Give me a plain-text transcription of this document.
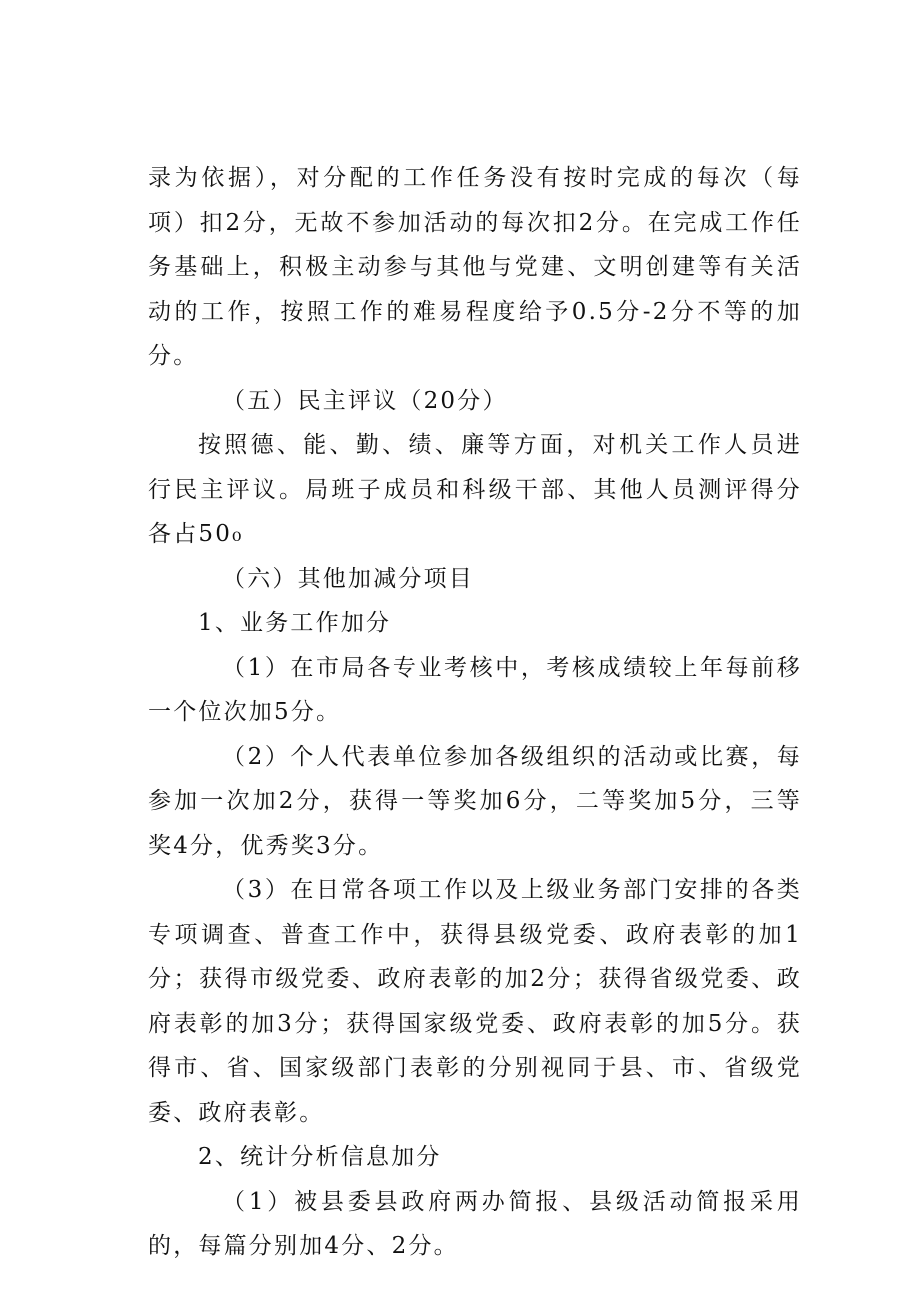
录为依据），对分配的工作任务没有按时完成的每次（每项）扣2分，无故不参加活动的每次扣2分。在完成工作任务基础上，积极主动参与其他与党建、文明创建等有关活动的工作，按照工作的难易程度给予0.5分-2分不等的加分。

（五）民主评议（20分）

按照德、能、勤、绩、廉等方面，对机关工作人员进行民主评议。局班子成员和科级干部、其他人员测评得分各占50₀

（六）其他加减分项目

1、业务工作加分

（1）在市局各专业考核中，考核成绩较上年每前移一个位次加5分。

（2）个人代表单位参加各级组织的活动或比赛，每参加一次加2分，获得一等奖加6分，二等奖加5分，三等奖4分，优秀奖3分。

（3）在日常各项工作以及上级业务部门安排的各类专项调查、普查工作中，获得县级党委、政府表彰的加1分；获得市级党委、政府表彰的加2分；获得省级党委、政府表彰的加3分；获得国家级党委、政府表彰的加5分。获得市、省、国家级部门表彰的分别视同于县、市、省级党委、政府表彰。

2、统计分析信息加分

（1）被县委县政府两办简报、县级活动简报采用的，每篇分别加4分、2分。
